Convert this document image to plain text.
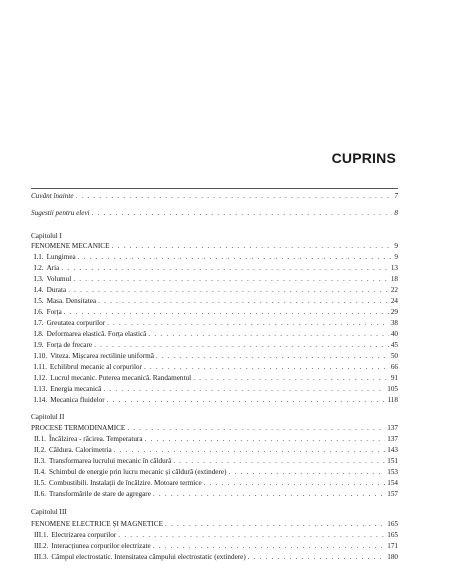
CUPRINS
Cuvânt înainte . . .	7
Sugestii pentru elevi . . .	8
Capitolul I
FENOMENE MECANICE . . .	9
I.1. Lungimea . . .	9
I.2. Aria . . .	13
I.3. Volumul . . .	18
I.4. Durata . . .	22
I.5. Masa. Densitatea . . .	24
I.6. Forța . . .	29
I.7. Greutatea corpurilor . . .	38
I.8. Deformarea elastică. Forța elastică . . .	40
I.9. Forța de frecare . . .	45
I.10. Viteza. Mișcarea rectilinie uniformă . . .	50
I.11. Echilibrul mecanic al corpurilor . . .	66
I.12. Lucrul mecanic. Puterea mecanică. Randamentul . . .	91
I.13. Energia mecanică . . .	105
I.14. Mecanica fluidelor . . .	118
Capitolul II
PROCESE TERMODINAMICE . . .	137
II.1. Încălzirea - răcirea. Temperatura . . .	137
II.2. Căldura. Calorimetria . . .	143
II.3. Transformarea lucrului mecanic în căldură . . .	151
II.4. Schimbul de energie prin lucru mecanic și căldură (extindere) . . .	153
II.5. Combustibili. Instalații de încălzire. Motoare termice . . .	154
II.6. Transformările de stare de agregare . . .	157
Capitolul III
FENOMENE ELECTRICE ȘI MAGNETICE . . .	165
III.1. Electrizarea corpurilor . . .	165
III.2. Interacțiunea corpurilor electrizate . . .	171
III.3. Câmpul electrostatic. Intensitatea câmpului electrostatic (extindere) . . .	180
